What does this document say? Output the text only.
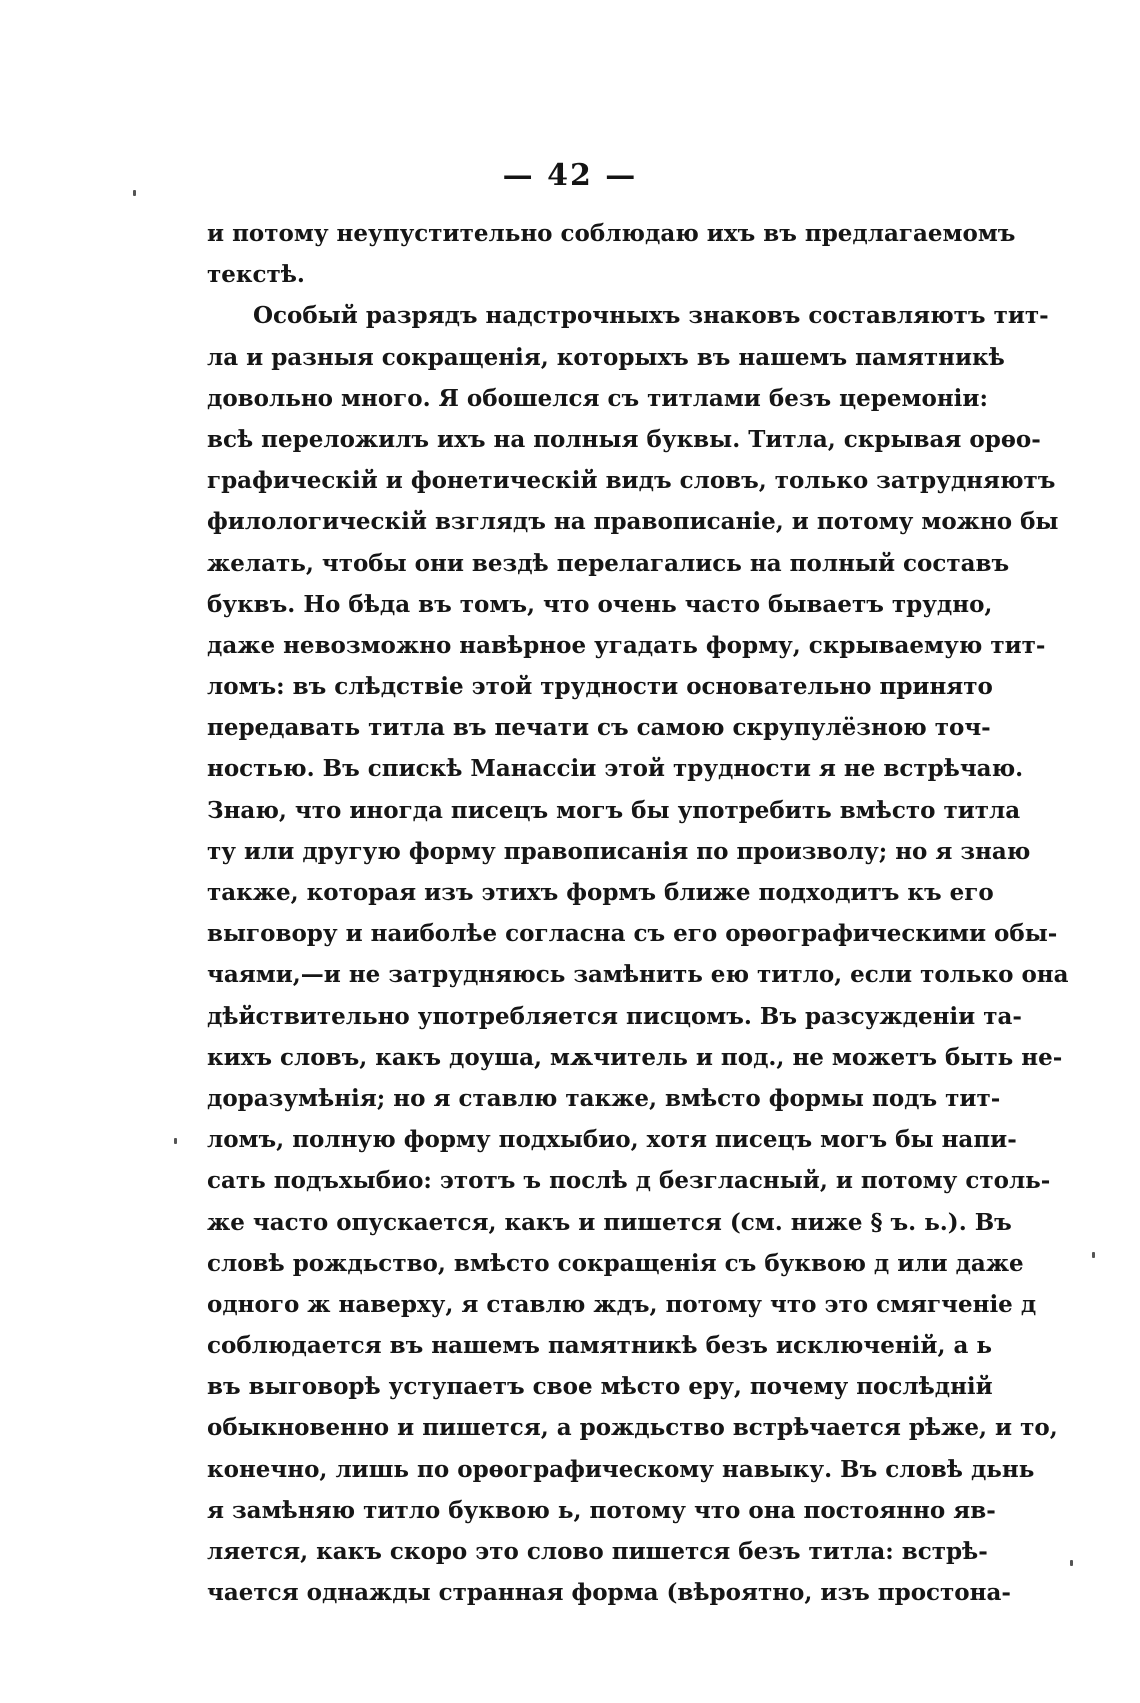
— 42 —
и потому неупустительно соблюдаю ихъ въ предлагаемомъ
текстѣ.
Особый разрядъ надстрочныхъ знаковъ составляютъ тит-
ла и разныя сокращенія, которыхъ въ нашемъ памятникѣ
довольно много. Я обошелся съ титлами безъ церемоніи:
всѣ переложилъ ихъ на полныя буквы. Титла, скрывая орѳо-
графическій и фонетическій видъ словъ, только затрудняютъ
филологическій взглядъ на правописаніе, и потому можно бы
желать, чтобы они вездѣ перелагались на полный составъ
буквъ. Но бѣда въ томъ, что очень часто бываетъ трудно,
даже невозможно навѣрное угадать форму, скрываемую тит-
ломъ: въ слѣдствіе этой трудности основательно принято
передавать титла въ печати съ самою скрупулёзною точ-
ностью. Въ спискѣ Манассіи этой трудности я не встрѣчаю.
Знаю, что иногда писецъ могъ бы употребить вмѣсто титла
ту или другую форму правописанія по произволу; но я знаю
также, которая изъ этихъ формъ ближе подходитъ къ его
выговору и наиболѣе согласна съ его орѳографическими обы-
чаями,—и не затрудняюсь замѣнить ею титло, если только она
дѣйствительно употребляется писцомъ. Въ разсужденіи та-
кихъ словъ, какъ доуша, мѫчитель и под., не можетъ быть не-
доразумѣнія; но я ставлю также, вмѣсто формы подъ тит-
ломъ, полную форму подхыбио, хотя писецъ могъ бы напи-
сать подъхыбио: этотъ ъ послѣ д безгласный, и потому столь-
же часто опускается, какъ и пишется (см. ниже § ъ. ь.). Въ
словѣ рождьство, вмѣсто сокращенія съ буквою д или даже
одного ж наверху, я ставлю ждъ, потому что это смягченіе д
соблюдается въ нашемъ памятникѣ безъ исключеній, а ь
въ выговорѣ уступаетъ свое мѣсто еру, почему послѣдній
обыкновенно и пишется, а рождьство встрѣчается рѣже, и то,
конечно, лишь по орѳографическому навыку. Въ словѣ дьнь
я замѣняю титло буквою ь, потому что она постоянно яв-
ляется, какъ скоро это слово пишется безъ титла: встрѣ-
чается однажды странная форма (вѣроятно, изъ простона-
